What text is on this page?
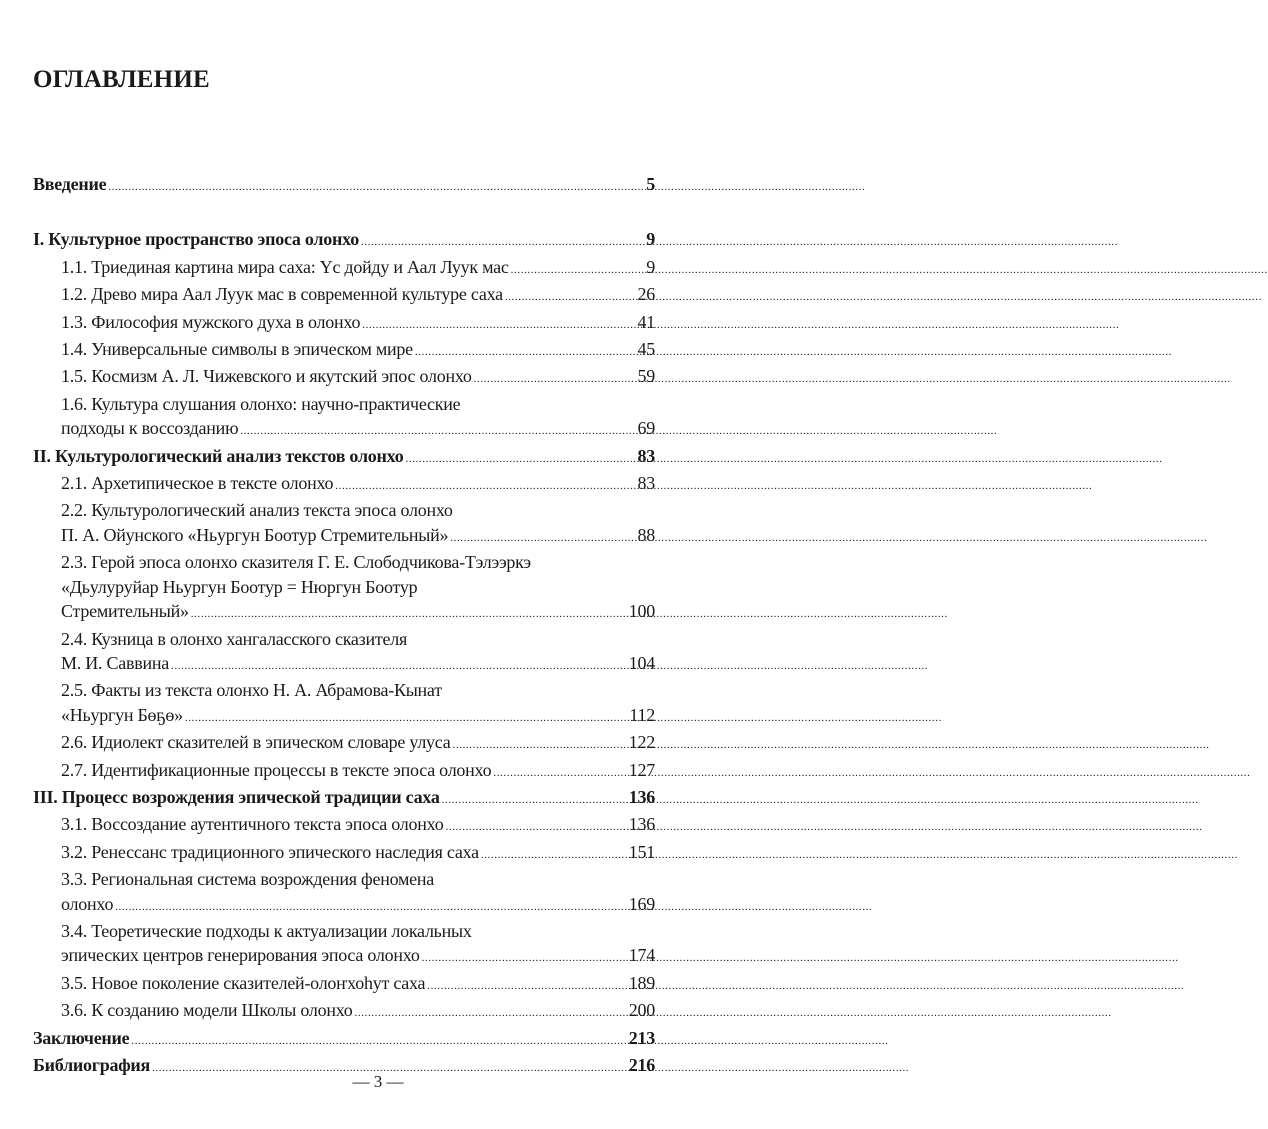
ОГЛАВЛЕНИЕ
Введение .....	5
I. Культурное пространство эпоса олонхо .....	9
1.1. Триединая картина мира саха: Үс дойду и Аал Луук мас .....	9
1.2. Древо мира Аал Луук мас в современной культуре саха .....	26
1.3. Философия мужского духа в олонхо .....	41
1.4. Универсальные символы в эпическом мире .....	45
1.5. Космизм А. Л. Чижевского и якутский эпос олонхо .....	59
1.6. Культура слушания олонхо: научно-практические
подходы к воссозданию .....	69
II. Культурологический анализ текстов олонхо .....	83
2.1. Архетипическое в тексте олонхо .....	83
2.2. Культурологический анализ текста эпоса олонхо
П. А. Ойунского «Ньургун Боотур Стремительный» .....	88
2.3. Герой эпоса олонхо сказителя Г. Е. Слободчикова-Тэлээркэ
«Дьулуруйар Ньургун Боотур = Нюргун Боотур
Стремительный» .....	100
2.4. Кузница в олонхо хангаласского сказителя
М. И. Саввина .....	104
2.5. Факты из текста олонхо Н. А. Абрамова-Кынат
«Ньургун Бөҕө» .....	112
2.6. Идиолект сказителей в эпическом словаре улуса .....	122
2.7. Идентификационные процессы в тексте эпоса олонхо .....	127
III. Процесс возрождения эпической традиции саха .....	136
3.1. Воссоздание аутентичного текста эпоса олонхо .....	136
3.2. Ренессанс традиционного эпического наследия саха .....	151
3.3. Региональная система возрождения феномена
олонхо .....	169
3.4. Теоретические подходы к актуализации локальных
эпических центров генерирования эпоса олонхо .....	174
3.5. Новое поколение сказителей-олоҥхоһут саха .....	189
3.6. К созданию модели Школы олонхо .....	200
Заключение .....	213
Библиография .....	216
— 3 —
